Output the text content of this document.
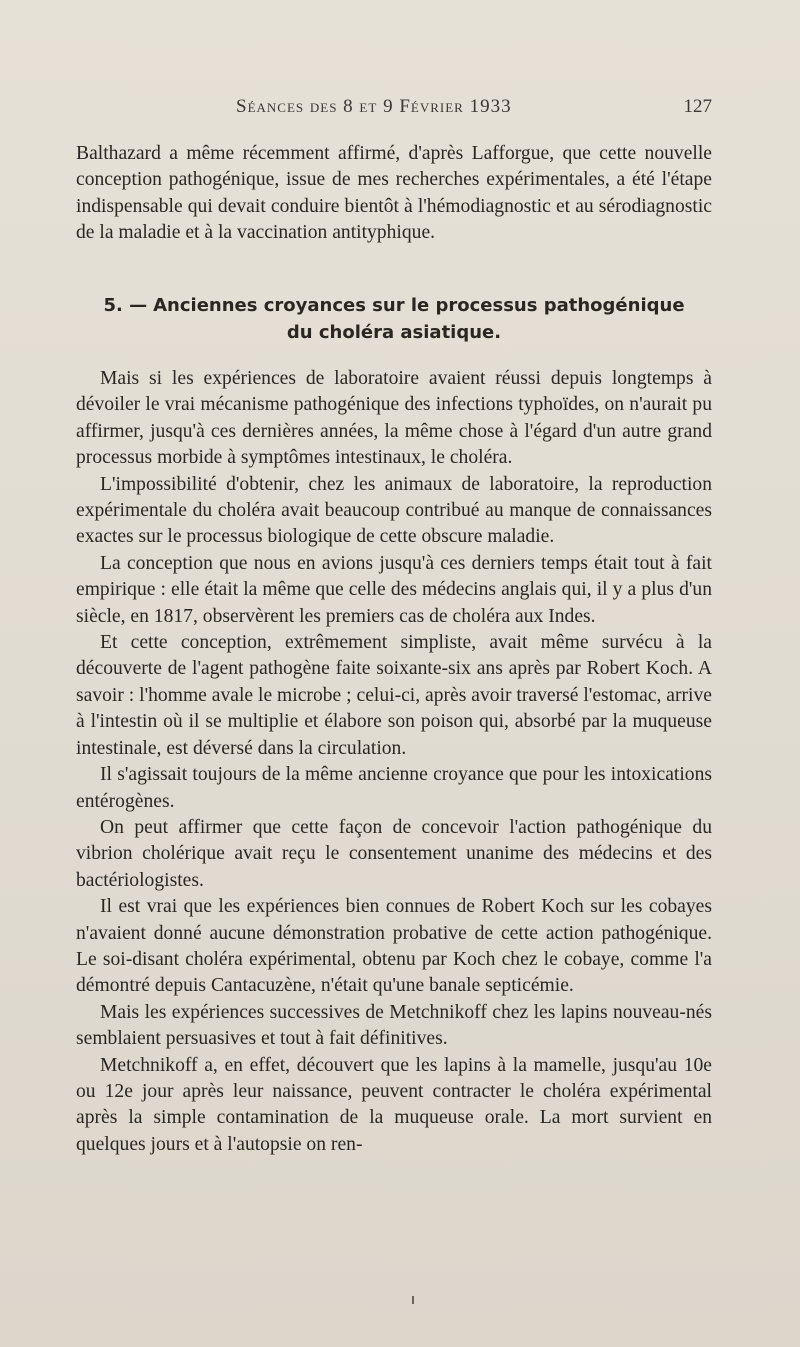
Séances des 8 et 9 Février 1933	127

Balthazard a même récemment affirmé, d'après Lafforgue, que cette nouvelle conception pathogénique, issue de mes recherches expérimentales, a été l'étape indispensable qui devait conduire bientôt à l'hémodiagnostic et au sérodiagnostic de la maladie et à la vaccination antityphique.

5. — Anciennes croyances sur le processus pathogénique
du choléra asiatique.

Mais si les expériences de laboratoire avaient réussi depuis longtemps à dévoiler le vrai mécanisme pathogénique des infections typhoïdes, on n'aurait pu affirmer, jusqu'à ces dernières années, la même chose à l'égard d'un autre grand processus morbide à symptômes intestinaux, le choléra.

L'impossibilité d'obtenir, chez les animaux de laboratoire, la reproduction expérimentale du choléra avait beaucoup contribué au manque de connaissances exactes sur le processus biologique de cette obscure maladie.

La conception que nous en avions jusqu'à ces derniers temps était tout à fait empirique : elle était la même que celle des médecins anglais qui, il y a plus d'un siècle, en 1817, observèrent les premiers cas de choléra aux Indes.

Et cette conception, extrêmement simpliste, avait même survécu à la découverte de l'agent pathogène faite soixante-six ans après par Robert Koch. A savoir : l'homme avale le microbe ; celui-ci, après avoir traversé l'estomac, arrive à l'intestin où il se multiplie et élabore son poison qui, absorbé par la muqueuse intestinale, est déversé dans la circulation.

Il s'agissait toujours de la même ancienne croyance que pour les intoxications entérogènes.

On peut affirmer que cette façon de concevoir l'action pathogénique du vibrion cholérique avait reçu le consentement unanime des médecins et des bactériologistes.

Il est vrai que les expériences bien connues de Robert Koch sur les cobayes n'avaient donné aucune démonstration probative de cette action pathogénique. Le soi-disant choléra expérimental, obtenu par Koch chez le cobaye, comme l'a démontré depuis Cantacuzène, n'était qu'une banale septicémie.

Mais les expériences successives de Metchnikoff chez les lapins nouveau-nés semblaient persuasives et tout à fait définitives.

Metchnikoff a, en effet, découvert que les lapins à la mamelle, jusqu'au 10e ou 12e jour après leur naissance, peuvent contracter le choléra expérimental après la simple contamination de la muqueuse orale. La mort survient en quelques jours et à l'autopsie on ren-
